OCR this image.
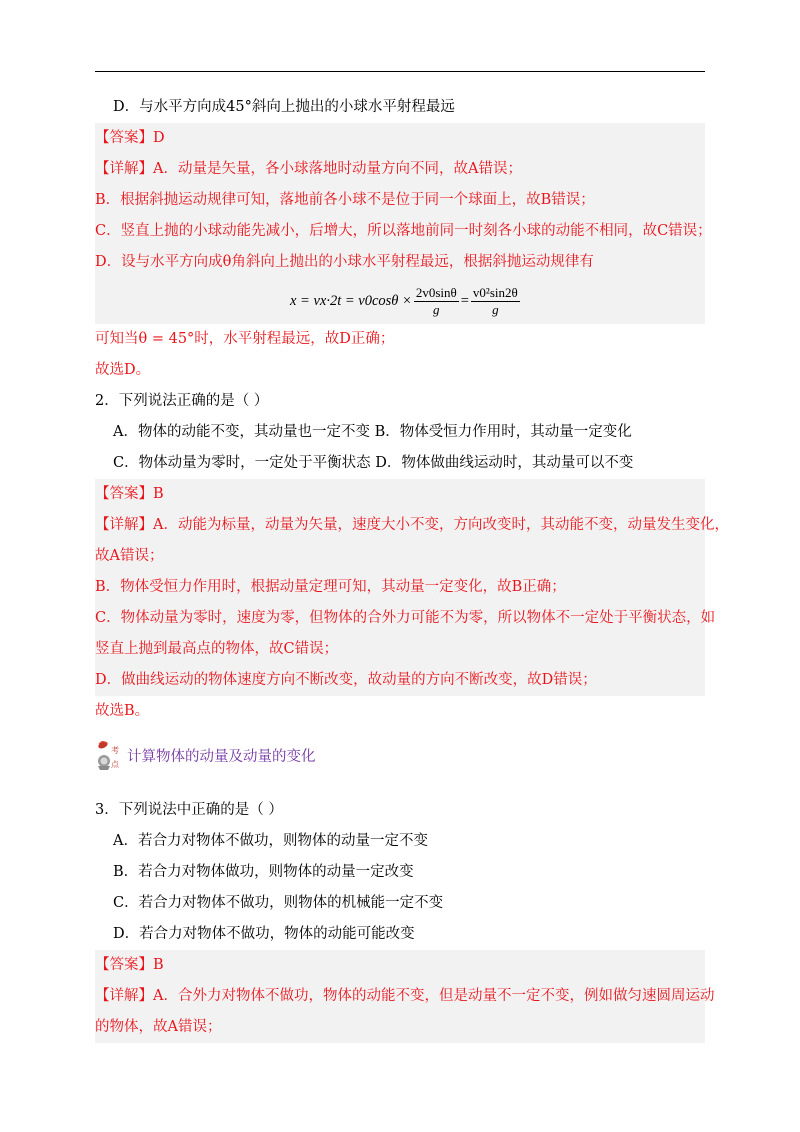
D．与水平方向成45°斜向上抛出的小球水平射程最远
【答案】D
【详解】A．动量是矢量，各小球落地时动量方向不同，故A错误；
B．根据斜抛运动规律可知，落地前各小球不是位于同一个球面上，故B错误；
C．竖直上抛的小球动能先减小，后增大，所以落地前同一时刻各小球的动能不相同，故C错误；
D．设与水平方向成θ角斜向上抛出的小球水平射程最远，根据斜抛运动规律有
$x = vx\cdot 2t = v0\cos\theta \times \frac{2v0\sin\theta}{g} = \frac{\text{v0²sin2θ}}{g}$
可知当θ = 45°时，水平射程最远，故D正确；
故选D。
2．下列说法正确的是（ ）
A．物体的动能不变，其动量也一定不变 B．物体受恒力作用时，其动量一定变化
C．物体动量为零时，一定处于平衡状态 D．物体做曲线运动时，其动量可以不变
【答案】B
【详解】A．动能为标量，动量为矢量，速度大小不变，方向改变时，其动能不变，动量发生变化，
故A错误；
B．物体受恒力作用时，根据动量定理可知，其动量一定变化，故B正确；
C．物体动量为零时，速度为零，但物体的合外力可能不为零，所以物体不一定处于平衡状态，如
竖直上抛到最高点的物体，故C错误；
D．做曲线运动的物体速度方向不断改变，故动量的方向不断改变，故D错误；
故选B。
考
点 计算物体的动量及动量的变化
3．下列说法中正确的是（ ）
A．若合力对物体不做功，则物体的动量一定不变
B．若合力对物体做功，则物体的动量一定改变
C．若合力对物体不做功，则物体的机械能一定不变
D．若合力对物体不做功，物体的动能可能改变
【答案】B
【详解】A．合外力对物体不做功，物体的动能不变，但是动量不一定不变，例如做匀速圆周运动
的物体，故A错误；
